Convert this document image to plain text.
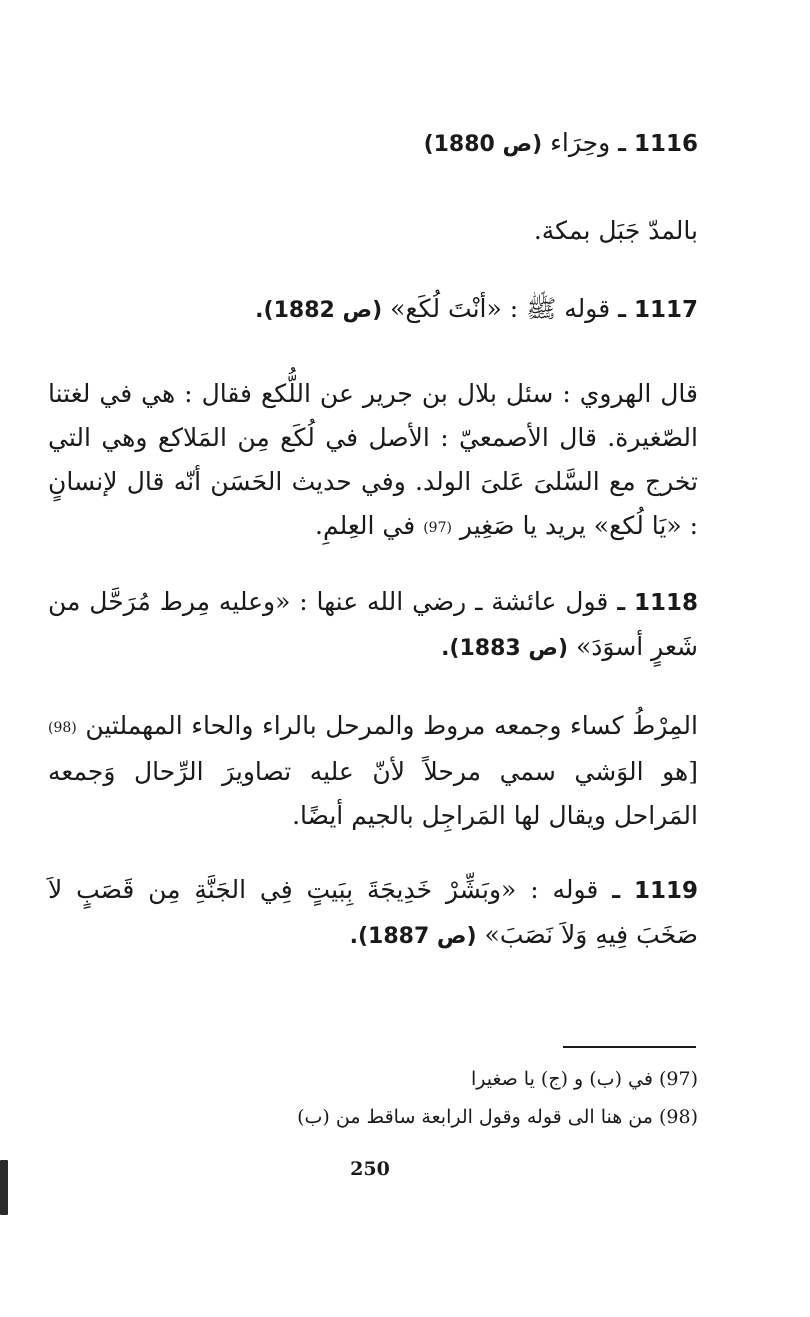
1116 ـ وحِرَاء (ص 1880)
بالمدّ جَبَل بمكة.
1117 ـ قوله ﷺ : «أنْتَ لُكَع» (ص 1882).
قال الهروي : سئل بلال بن جرير عن اللُّكع فقال : هي في لغتنا الصّغيرة. قال الأصمعيّ : الأصل في لُكَع مِن المَلاكع وهي التي تخرج مع السَّلىَ عَلىَ الولد. وفي حديث الحَسَن أنّه قال لإنسانٍ : «يَا لُكع» يريد يا صَغِير (97) في العِلمِ.
1118 ـ قول عائشة ـ رضي الله عنها : «وعليه مِرط مُرَحَّل من شَعرٍ أسوَدَ» (ص 1883).
المِرْطُ كساء وجمعه مروط والمرحل بالراء والحاء المهملتين (98) [هو الوَشي سمي مرحلاً لأنّ عليه تصاويرَ الرِّحال وَجمعه المَراحل ويقال لها المَراجِل بالجيم أيضًا.
1119 ـ قوله : «وبَشِّرْ خَدِيجَةَ بِبَيتٍ فِي الجَنَّةِ مِن قَصَبٍ لاَ صَخَبَ فِيهِ وَلاَ نَصَبَ» (ص 1887).
(97) في (ب) و (ج) يا صغيرا
(98) من هنا الى قوله وقول الرابعة ساقط من (ب)
250
